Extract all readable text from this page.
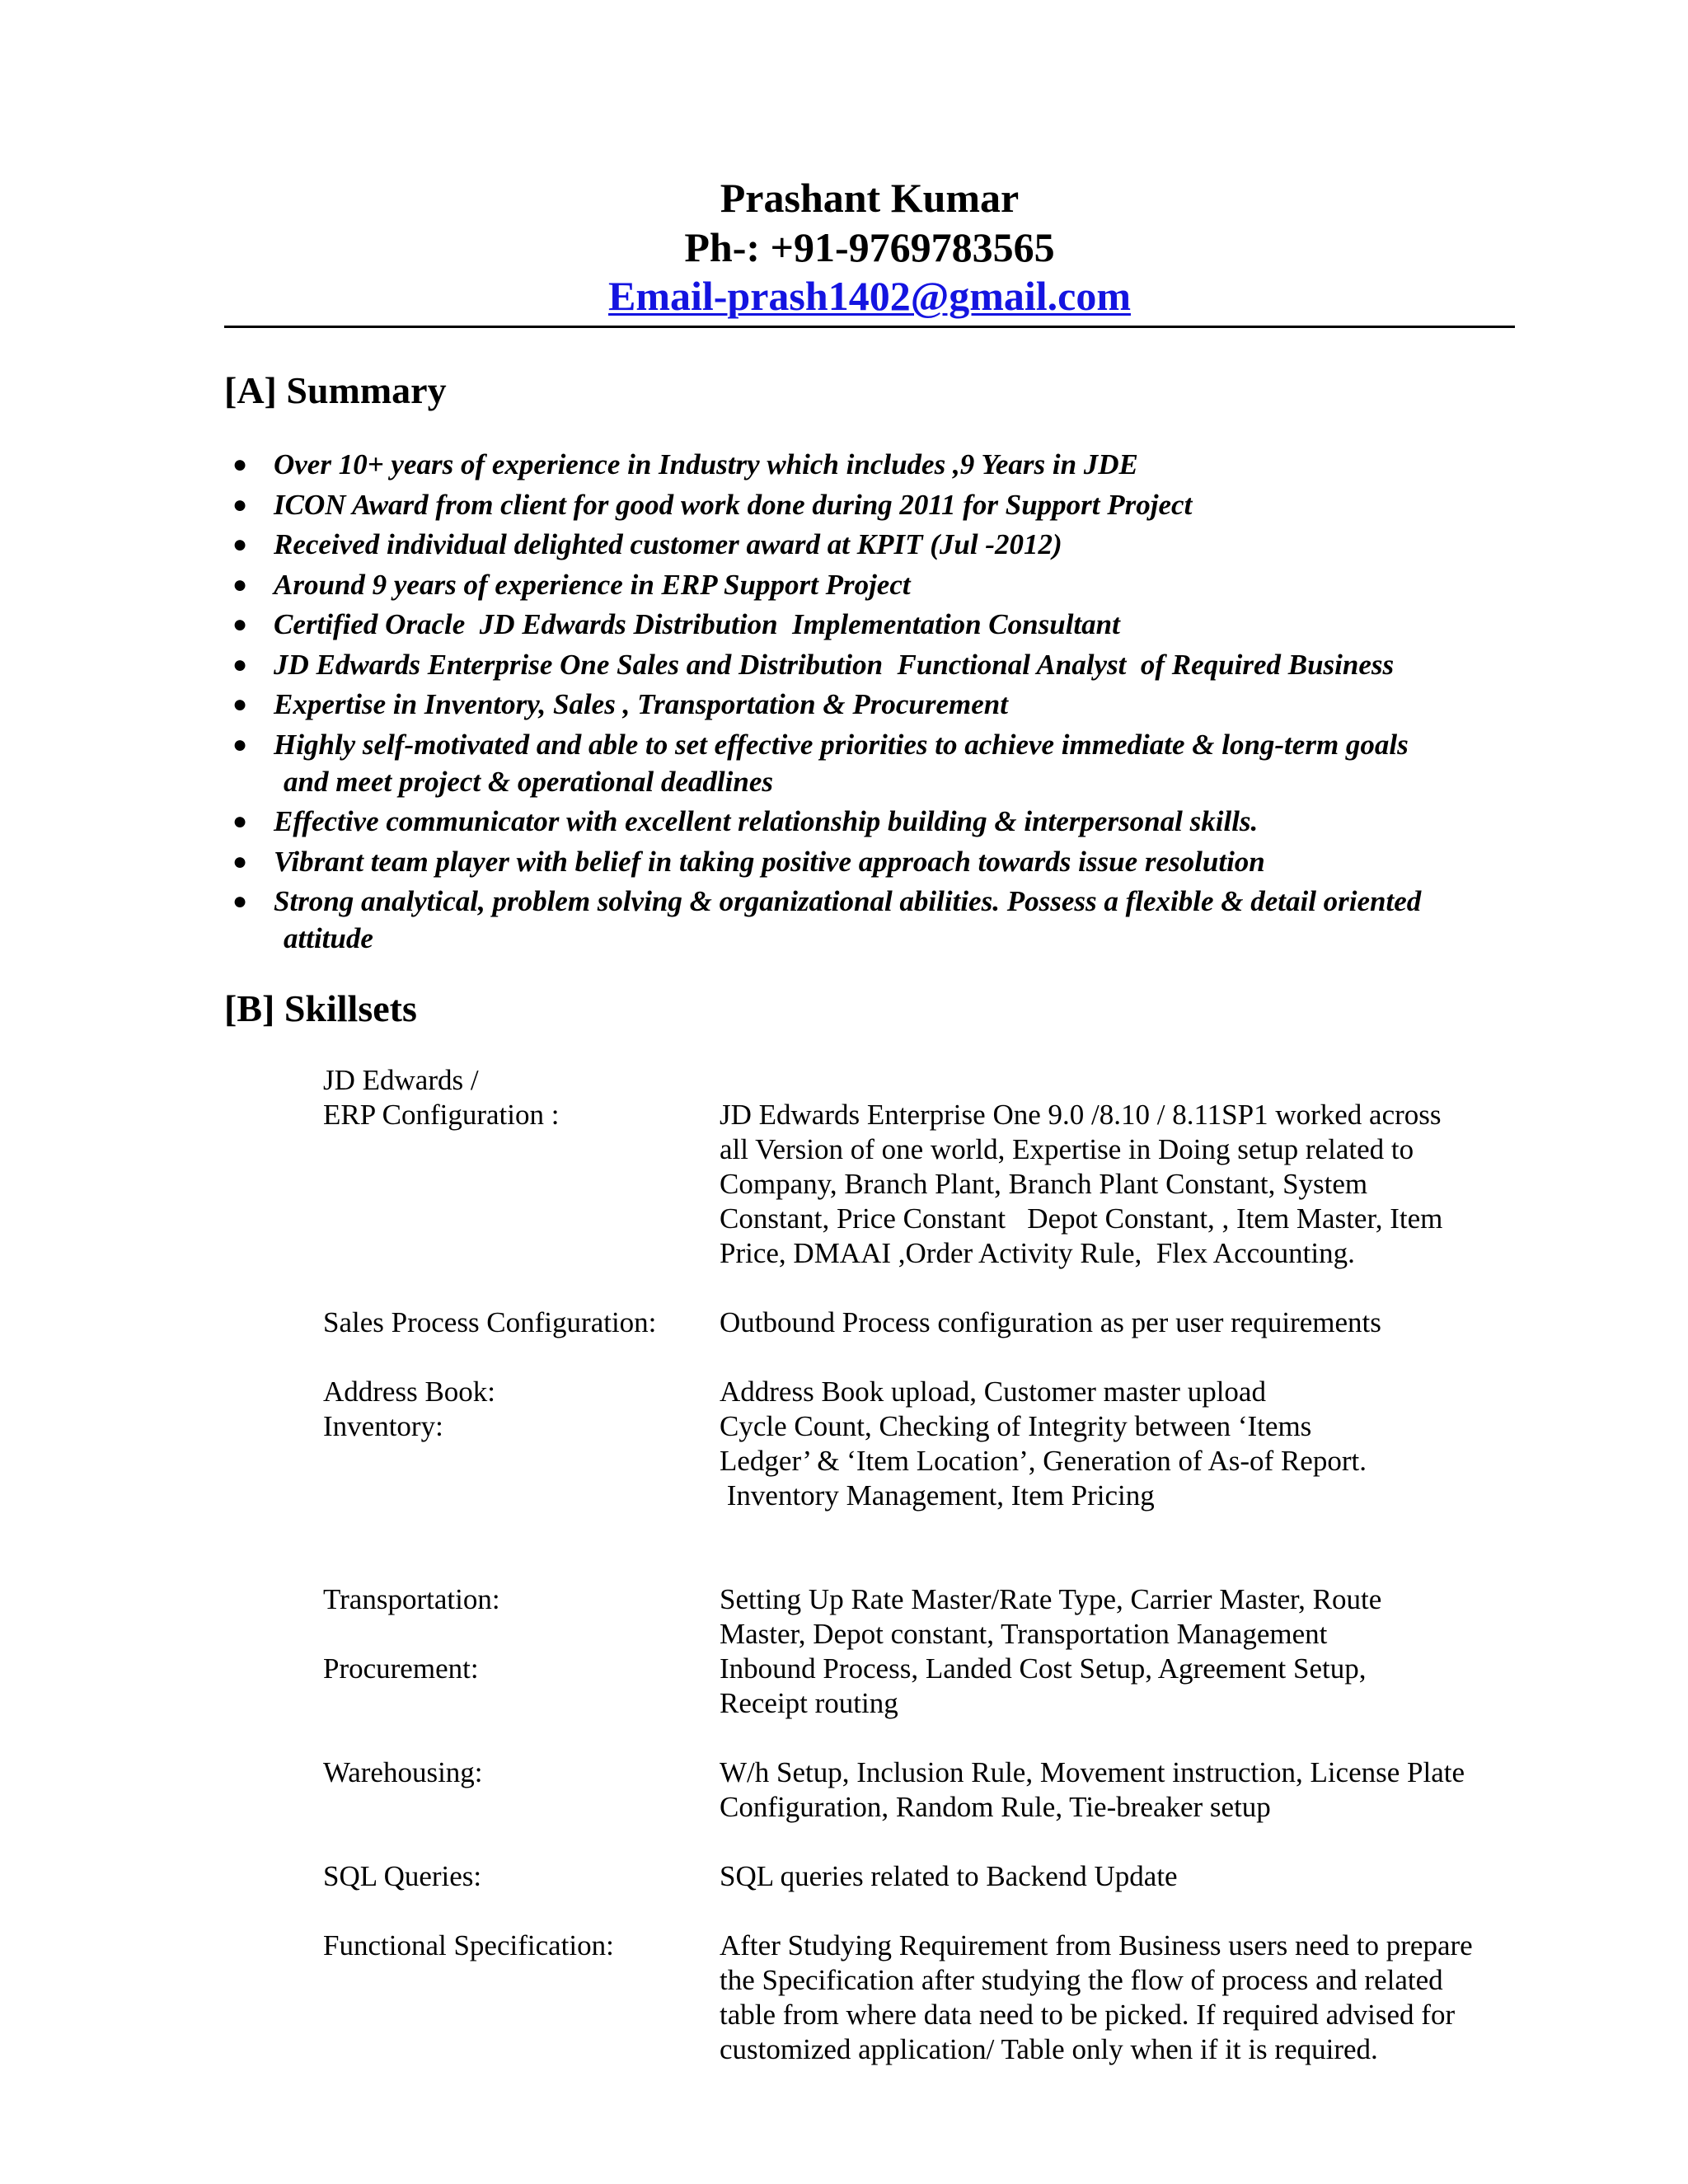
Prashant Kumar
Ph-: +91-9769783565
Email-prash1402@gmail.com
[A] Summary
● Over 10+ years of experience in Industry which includes ,9 Years in JDE
● ICON Award from client for good work done during 2011 for Support Project
● Received individual delighted customer award at KPIT (Jul -2012)
● Around 9 years of experience in ERP Support Project
● Certified Oracle  JD Edwards Distribution  Implementation Consultant
● JD Edwards Enterprise One Sales and Distribution  Functional Analyst  of Required Business
● Expertise in Inventory, Sales , Transportation & Procurement
● Highly self-motivated and able to set effective priorities to achieve immediate & long-term goals
and meet project & operational deadlines
● Effective communicator with excellent relationship building & interpersonal skills.
● Vibrant team player with belief in taking positive approach towards issue resolution
● Strong analytical, problem solving & organizational abilities. Possess a flexible & detail oriented
attitude
[B] Skillsets
JD Edwards /

ERP Configuration :	JD Edwards Enterprise One 9.0 /8.10 / 8.11SP1 worked across

all Version of one world, Expertise in Doing setup related to

Company, Branch Plant, Branch Plant Constant, System

Constant, Price Constant   Depot Constant, , Item Master, Item

Price, DMAAI ,Order Activity Rule,  Flex Accounting.

Sales Process Configuration:	Outbound Process configuration as per user requirements

Address Book:	Address Book upload, Customer master upload
Inventory:	Cycle Count, Checking of Integrity between ‘Items

Ledger’ & ‘Item Location’, Generation of As-of Report.

Inventory Management, Item Pricing

Transportation:	Setting Up Rate Master/Rate Type, Carrier Master, Route

Master, Depot constant, Transportation Management
Procurement:	Inbound Process, Landed Cost Setup, Agreement Setup,

Receipt routing

Warehousing:	W/h Setup, Inclusion Rule, Movement instruction, License Plate

Configuration, Random Rule, Tie-breaker setup

SQL Queries:	SQL queries related to Backend Update

Functional Specification:	After Studying Requirement from Business users need to prepare

the Specification after studying the flow of process and related

table from where data need to be picked. If required advised for

customized application/ Table only when if it is required.
